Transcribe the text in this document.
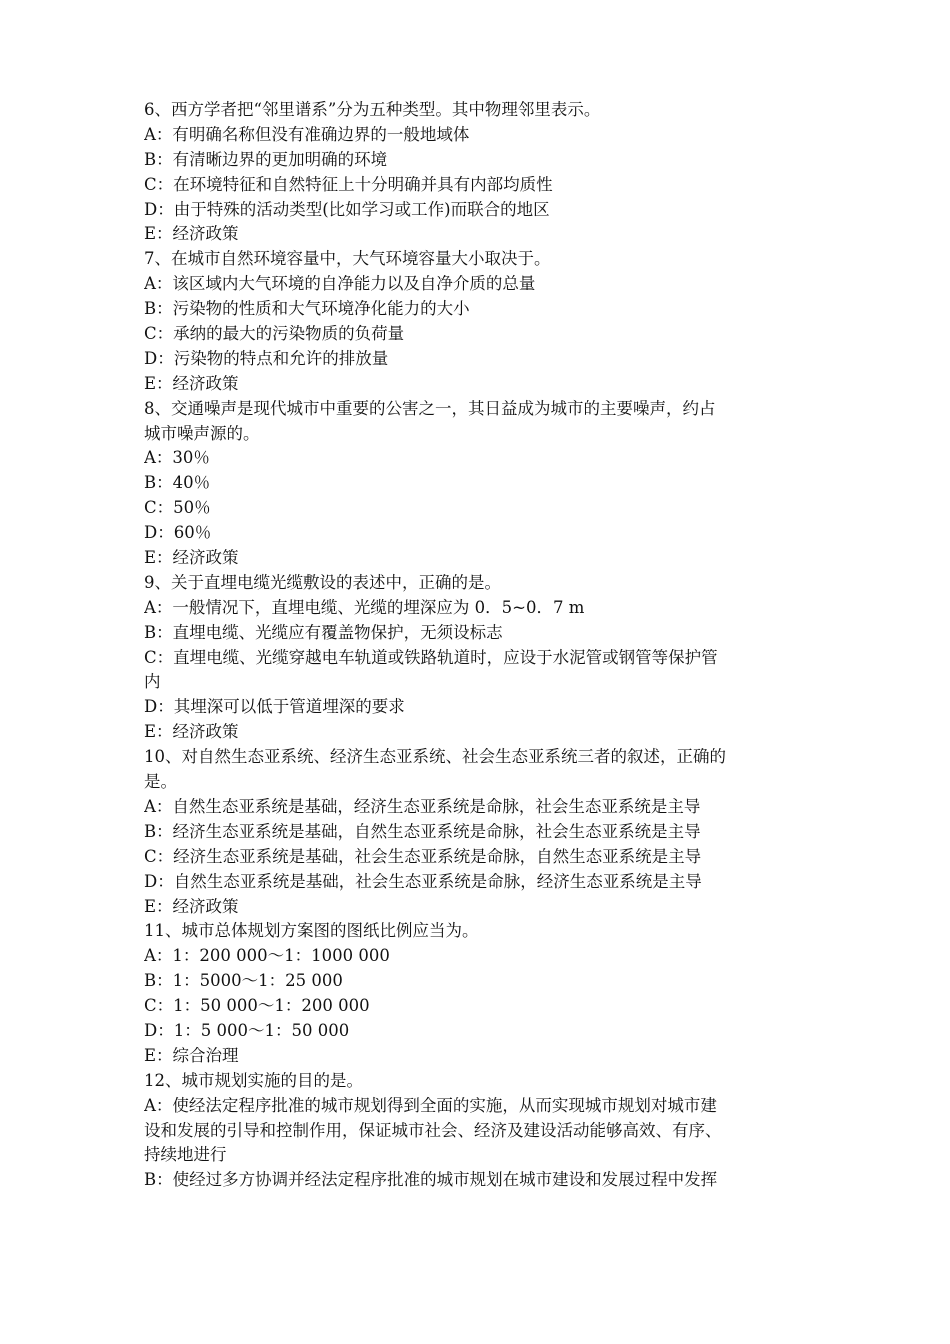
6、西方学者把“邻里谱系”分为五种类型。其中物理邻里表示。
A：有明确名称但没有准确边界的一般地域体
B：有清晰边界的更加明确的环境
C：在环境特征和自然特征上十分明确并具有内部均质性
D：由于特殊的活动类型(比如学习或工作)而联合的地区
E：经济政策
7、在城市自然环境容量中，大气环境容量大小取决于。
A：该区域内大气环境的自净能力以及自净介质的总量
B：污染物的性质和大气环境净化能力的大小
C：承纳的最大的污染物质的负荷量
D：污染物的特点和允许的排放量
E：经济政策
8、交通噪声是现代城市中重要的公害之一，其日益成为城市的主要噪声，约占
城市噪声源的。
A：30％
B：40％
C：50％
D：60％
E：经济政策
9、关于直埋电缆光缆敷设的表述中，正确的是。
A：一般情况下，直埋电缆、光缆的埋深应为 0．5~0．7 m
B：直埋电缆、光缆应有覆盖物保护，无须设标志
C：直埋电缆、光缆穿越电车轨道或铁路轨道时，应设于水泥管或钢管等保护管
内
D：其埋深可以低于管道埋深的要求
E：经济政策
10、对自然生态亚系统、经济生态亚系统、社会生态亚系统三者的叙述，正确的
是。
A：自然生态亚系统是基础，经济生态亚系统是命脉，社会生态亚系统是主导
B：经济生态亚系统是基础，自然生态亚系统是命脉，社会生态亚系统是主导
C：经济生态亚系统是基础，社会生态亚系统是命脉，自然生态亚系统是主导
D：自然生态亚系统是基础，社会生态亚系统是命脉，经济生态亚系统是主导
E：经济政策
11、城市总体规划方案图的图纸比例应当为。
A：1：200 000～1：1000 000
B：1：5000～1：25 000
C：1：50 000～1：200 000
D：1：5 000～1：50 000
E：综合治理
12、城市规划实施的目的是。
A：使经法定程序批准的城市规划得到全面的实施，从而实现城市规划对城市建
设和发展的引导和控制作用，保证城市社会、经济及建设活动能够高效、有序、
持续地进行
B：使经过多方协调并经法定程序批准的城市规划在城市建设和发展过程中发挥
